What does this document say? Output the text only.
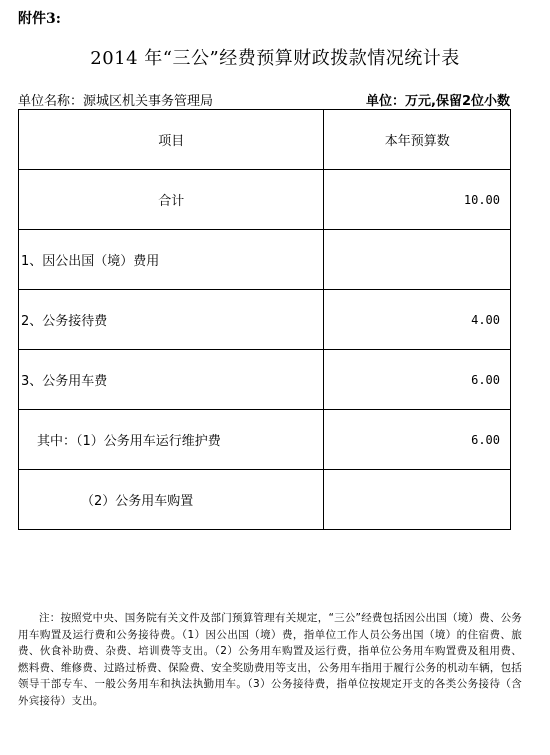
附件3:
2014 年“三公”经费预算财政拨款情况统计表
单位名称：源城区机关事务管理局	单位：万元,保留2位小数
项目	本年预算数
合计	10.00
1、因公出国（境）费用	
2、公务接待费	4.00
3、公务用车费	6.00
其中：（1）公务用车运行维护费	6.00
（2）公务用车购置	
注：按照党中央、国务院有关文件及部门预算管理有关规定，“三公”经费包括因公出国（境）费、公务用车购置及运行费和公务接待费。（1）因公出国（境）费，指单位工作人员公务出国（境）的住宿费、旅费、伙食补助费、杂费、培训费等支出。（2）公务用车购置及运行费，指单位公务用车购置费及租用费、燃料费、维修费、过路过桥费、保险费、安全奖励费用等支出，公务用车指用于履行公务的机动车辆，包括领导干部专车、一般公务用车和执法执勤用车。（3）公务接待费，指单位按规定开支的各类公务接待（含外宾接待）支出。
